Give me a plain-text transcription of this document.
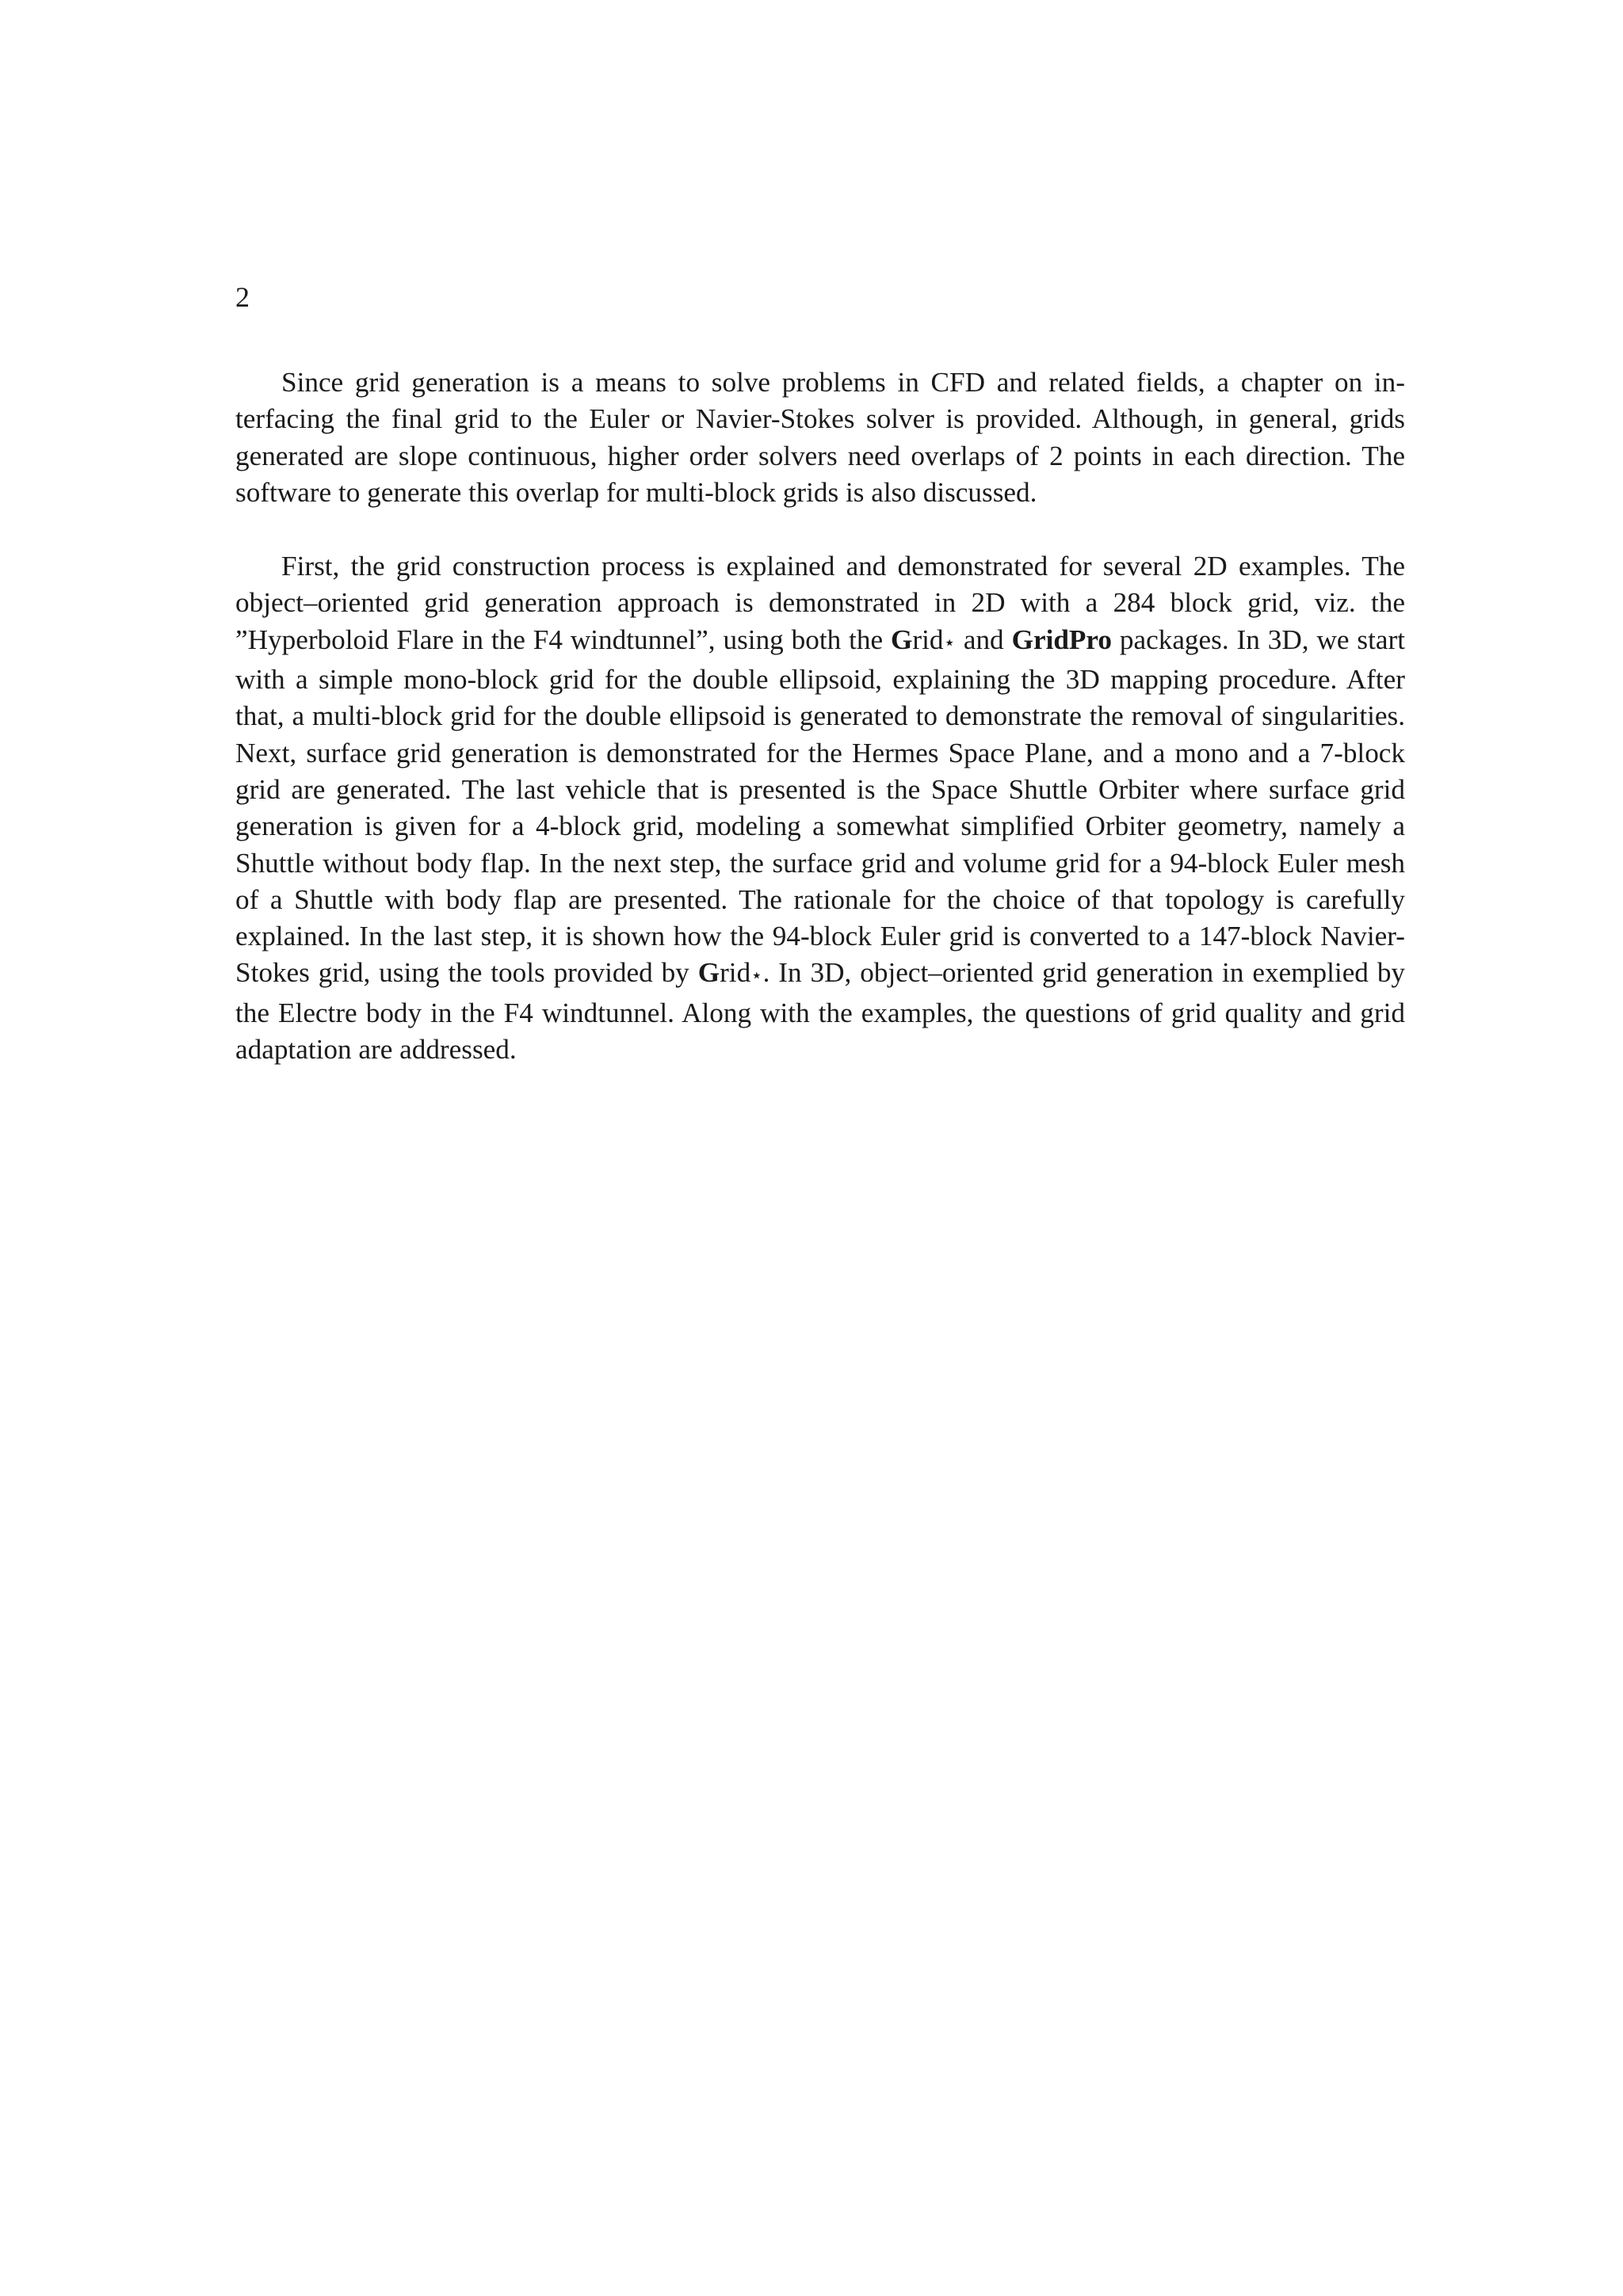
2

Since grid generation is a means to solve problems in CFD and related fields, a chapter on interfacing the final grid to the Euler or Navier-Stokes solver is provided. Although, in general, grids generated are slope continuous, higher order solvers need overlaps of 2 points in each direction. The software to generate this overlap for multi-block grids is also discussed.

First, the grid construction process is explained and demonstrated for several 2D examples. The object–oriented grid generation approach is demonstrated in 2D with a 284 block grid, viz. the ”Hyperboloid Flare in the F4 windtunnel”, using both the Grid⋆ and GridPro packages. In 3D, we start with a simple mono-block grid for the double ellipsoid, explaining the 3D mapping procedure. After that, a multi-block grid for the double ellipsoid is generated to demonstrate the removal of singularities. Next, surface grid generation is demonstrated for the Hermes Space Plane, and a mono and a 7-block grid are generated. The last vehicle that is presented is the Space Shuttle Orbiter where surface grid generation is given for a 4-block grid, modeling a somewhat simplified Orbiter geometry, namely a Shuttle without body flap. In the next step, the surface grid and volume grid for a 94-block Euler mesh of a Shuttle with body flap are presented. The rationale for the choice of that topology is carefully explained. In the last step, it is shown how the 94-block Euler grid is converted to a 147-block Navier-Stokes grid, using the tools provided by Grid⋆. In 3D, object–oriented grid generation in exemplied by the Electre body in the F4 windtunnel. Along with the examples, the questions of grid quality and grid adaptation are addressed.
